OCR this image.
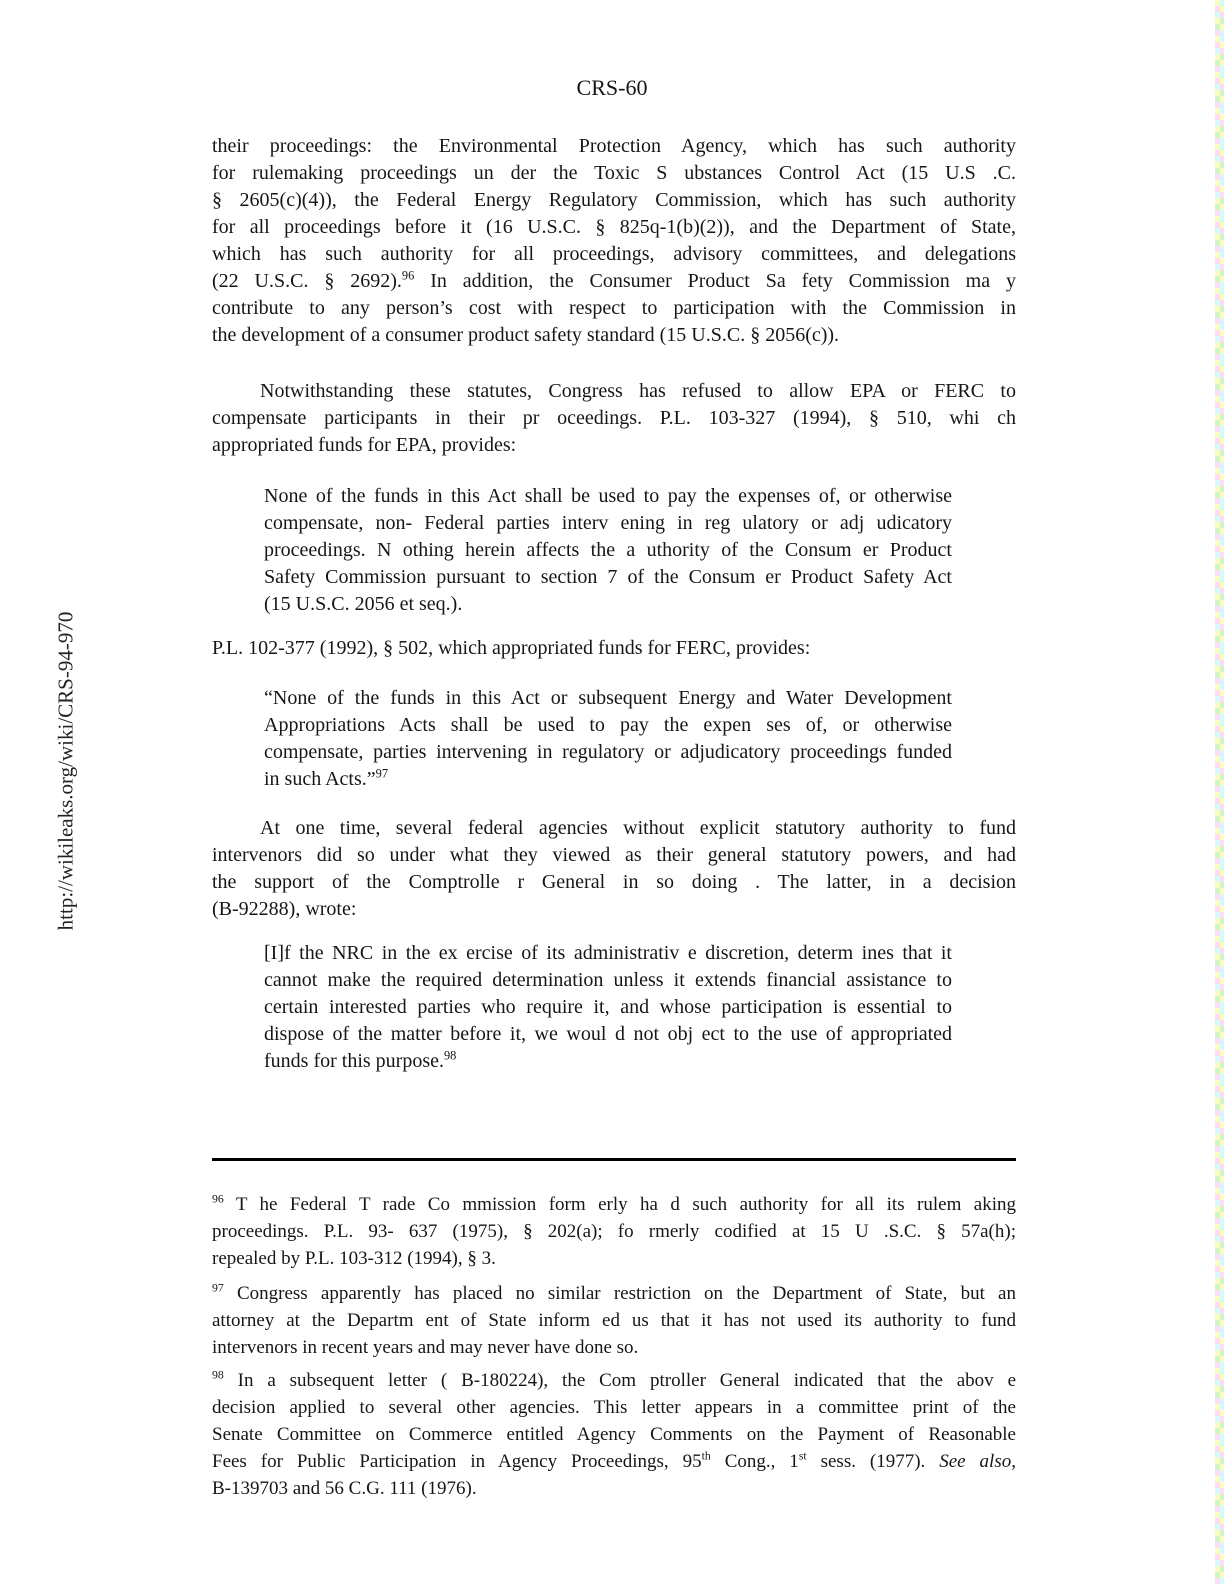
CRS-60
http://wikileaks.org/wiki/CRS-94-970
their proceedings: the Environmental Protection Agency, which has such authority
for rulemaking proceedings un der the Toxic S ubstances Control Act (15 U.S .C.
§ 2605(c)(4)), the Federal Energy Regulatory Commission, which has such authority
for all proceedings before it (16 U.S.C. § 825q-1(b)(2)), and the Department of State,
which has such authority for all proceedings, advisory committees, and delegations
(22 U.S.C. § 2692).$^{96}$ In addition, the Consumer Product Sa fety Commission ma y
contribute to any person’s cost with respect to participation with the Commission in
the development of a consumer product safety standard (15 U.S.C. § 2056(c)).
Notwithstanding these statutes, Congress has refused to allow EPA or FERC to
compensate participants in their pr oceedings. P.L. 103-327 (1994), § 510, whi ch
appropriated funds for EPA, provides:
None of the funds in this Act shall be used to pay the expenses of, or otherwise
compensate, non- Federal parties interv ening in reg ulatory or adj udicatory
proceedings. N othing herein affects the a uthority of the Consum er Product
Safety Commission pursuant to section 7 of the Consum er Product Safety Act
(15 U.S.C. 2056 et seq.).
P.L. 102-377 (1992), § 502, which appropriated funds for FERC, provides:
“None of the funds in this Act or subsequent Energy and Water Development
Appropriations Acts shall be used to pay the expen ses of, or otherwise
compensate, parties intervening in regulatory or adjudicatory proceedings funded
in such Acts.”$^{97}$
At one time, several federal agencies without explicit statutory authority to fund
intervenors did so under what they viewed as their general statutory powers, and had
the support of the Comptrolle r General in so doing . The latter, in a decision
(B-92288), wrote:
[I]f the NRC in the ex ercise of its administrativ e discretion, determ ines that it
cannot make the required determination unless it extends financial assistance to
certain interested parties who require it, and whose participation is essential to
dispose of the matter before it, we woul d not obj ect to the use of appropriated
funds for this purpose.$^{98}$
$^{96}$ T he Federal T rade Co mmission form erly ha d such authority for all its rulem aking
proceedings. P.L. 93- 637 (1975), § 202(a); fo rmerly codified at 15 U .S.C. § 57a(h);
repealed by P.L. 103-312 (1994), § 3.
$^{97}$ Congress apparently has placed no similar restriction on the Department of State, but an
attorney at the Departm ent of State inform ed us that it has not used its authority to fund
intervenors in recent years and may never have done so.
$^{98}$ In a subsequent letter ( B-180224), the Com ptroller General indicated that the abov e
decision applied to several other agencies. This letter appears in a committee print of the
Senate Committee on Commerce entitled Agency Comments on the Payment of Reasonable
Fees for Public Participation in Agency Proceedings, 95th Cong., 1st sess. (1977). See also,
B-139703 and 56 C.G. 111 (1976).
